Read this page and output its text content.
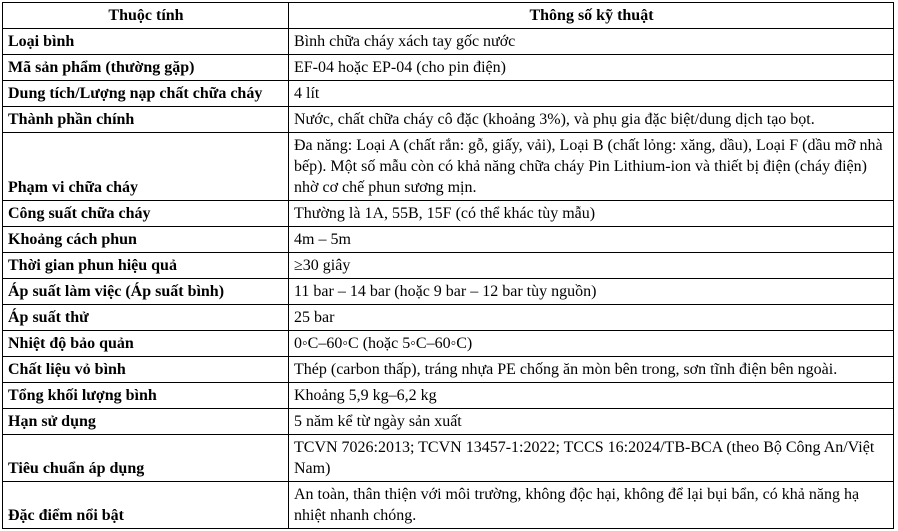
Thuộc tính	Thông số kỹ thuật
Loại bình	Bình chữa cháy xách tay gốc nước
Mã sản phẩm (thường gặp)	EF-04 hoặc EP-04 (cho pin điện)
Dung tích/Lượng nạp chất chữa cháy	4 lít
Thành phần chính	Nước, chất chữa cháy cô đặc (khoảng 3%), và phụ gia đặc biệt/dung dịch tạo bọt.
Phạm vi chữa cháy	Đa năng: Loại A (chất rắn: gỗ, giấy, vải), Loại B (chất lỏng: xăng, dầu), Loại F (dầu mỡ nhà bếp). Một số mẫu còn có khả năng chữa cháy Pin Lithium-ion và thiết bị điện (cháy điện) nhờ cơ chế phun sương mịn.
Công suất chữa cháy	Thường là 1A, 55B, 15F (có thể khác tùy mẫu)
Khoảng cách phun	4m – 5m
Thời gian phun hiệu quả	≥30 giây
Áp suất làm việc (Áp suất bình)	11 bar – 14 bar (hoặc 9 bar – 12 bar tùy nguồn)
Áp suất thử	25 bar
Nhiệt độ bảo quản	0◦C–60◦C (hoặc 5◦C–60◦C)
Chất liệu vỏ bình	Thép (carbon thấp), tráng nhựa PE chống ăn mòn bên trong, sơn tĩnh điện bên ngoài.
Tổng khối lượng bình	Khoảng 5,9 kg–6,2 kg
Hạn sử dụng	5 năm kể từ ngày sản xuất
Tiêu chuẩn áp dụng	TCVN 7026:2013; TCVN 13457-1:2022; TCCS 16:2024/TB-BCA (theo Bộ Công An/Việt Nam)
Đặc điểm nổi bật	An toàn, thân thiện với môi trường, không độc hại, không để lại bụi bẩn, có khả năng hạ nhiệt nhanh chóng.
